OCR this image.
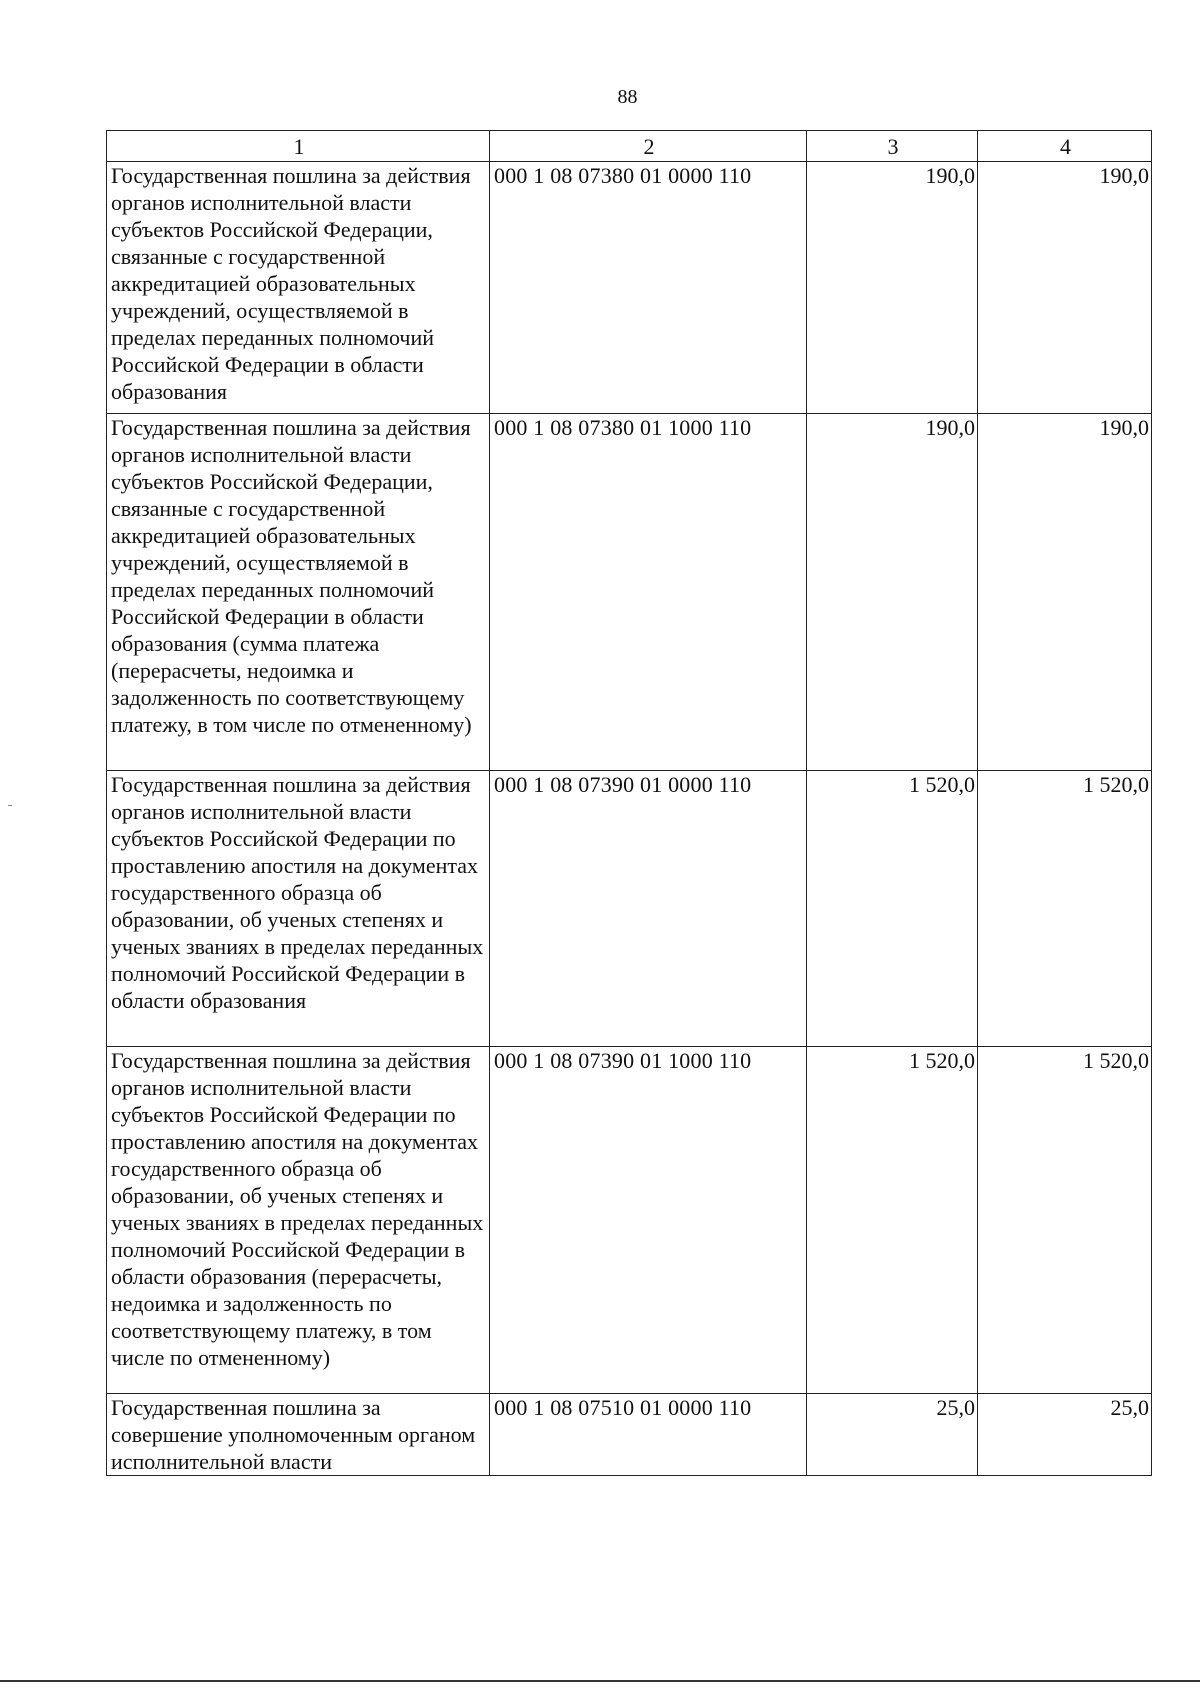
88
1	2	3	4
Государственная пошлина за действия органов исполнительной власти субъектов Российской Федерации, связанные с государственной аккредитацией образовательных учреждений, осуществляемой в пределах переданных полномочий Российской Федерации в области образования	000 1 08 07380 01 0000 110	190,0	190,0
Государственная пошлина за действия органов исполнительной власти субъектов Российской Федерации, связанные с государственной аккредитацией образовательных учреждений, осуществляемой в пределах переданных полномочий Российской Федерации в области образования (сумма платежа (перерасчеты, недоимка и задолженность по соответствующему платежу, в том числе по отмененному)	000 1 08 07380 01 1000 110	190,0	190,0
Государственная пошлина за действия органов исполнительной власти субъектов Российской Федерации по проставлению апостиля на документах государственного образца об образовании, об ученых степенях и ученых званиях в пределах переданных полномочий Российской Федерации в области образования	000 1 08 07390 01 0000 110	1 520,0	1 520,0
Государственная пошлина за действия органов исполнительной власти субъектов Российской Федерации по проставлению апостиля на документах государственного образца об образовании, об ученых степенях и ученых званиях в пределах переданных полномочий Российской Федерации в области образования (перерасчеты, недоимка и задолженность по соответствующему платежу, в том числе по отмененному)	000 1 08 07390 01 1000 110	1 520,0	1 520,0
Государственная пошлина за совершение уполномоченным органом исполнительной власти	000 1 08 07510 01 0000 110	25,0	25,0
